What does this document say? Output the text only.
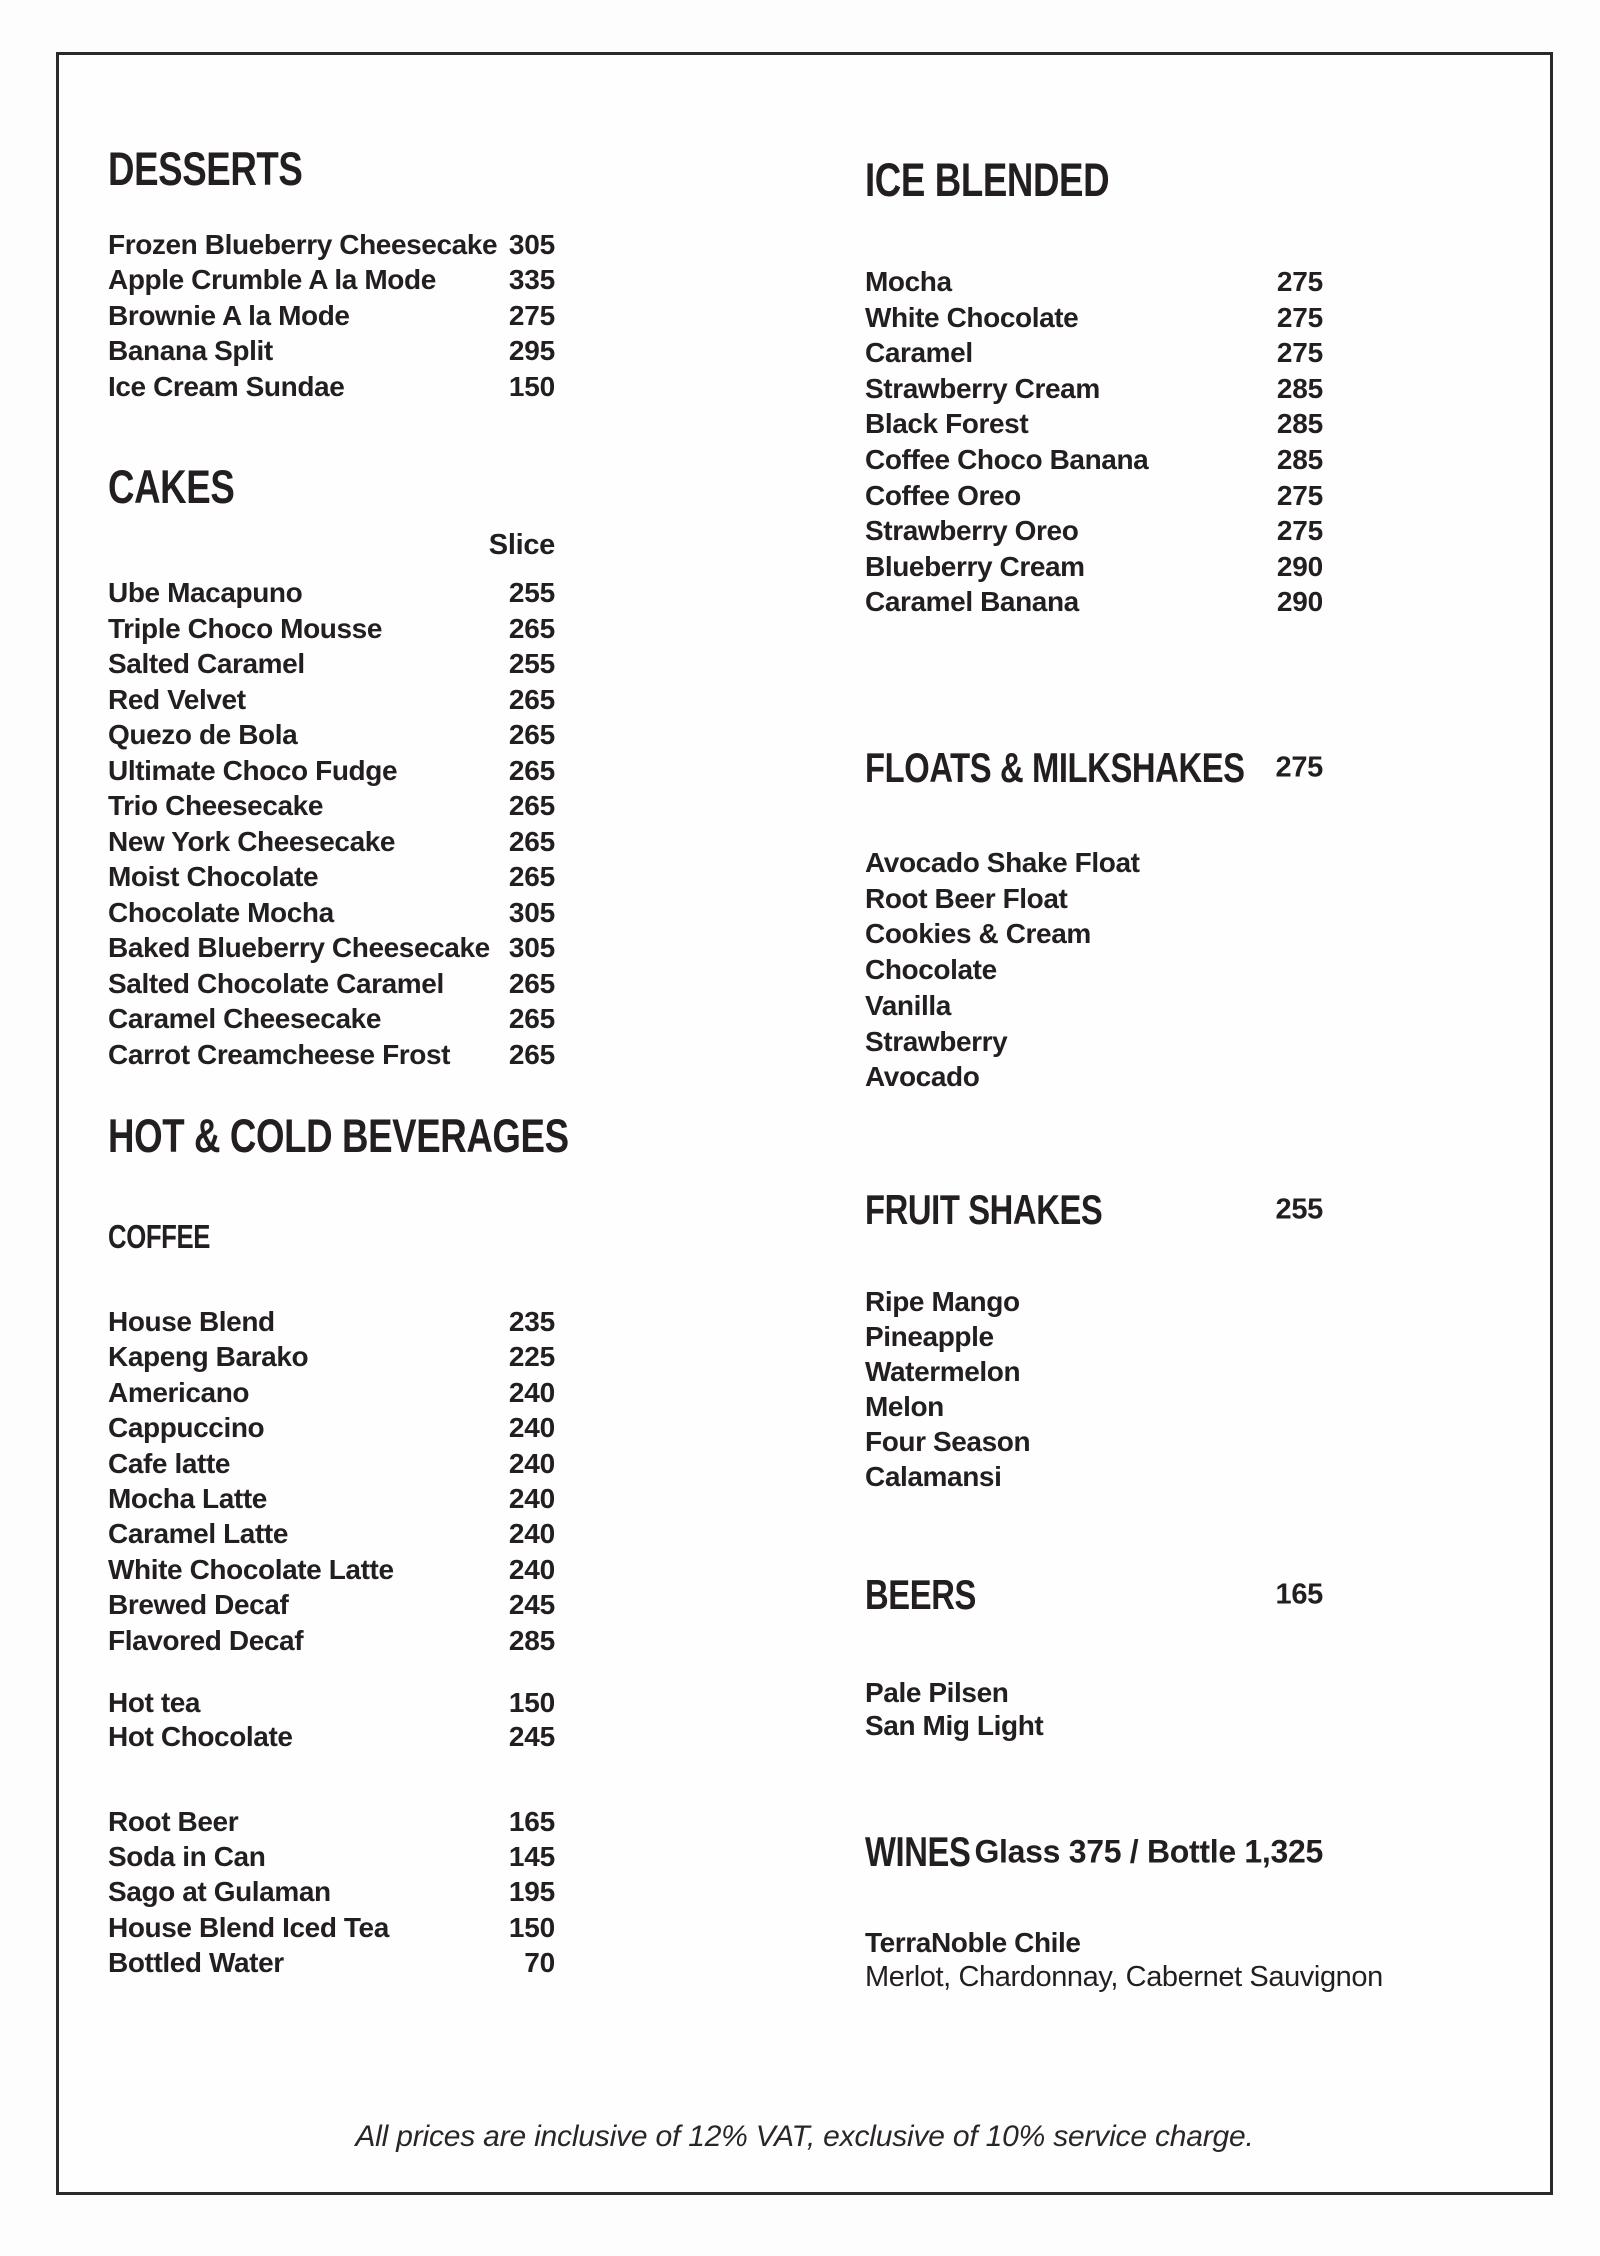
DESSERTS
Frozen Blueberry Cheesecake 305
Apple Crumble A la Mode	335
Brownie A la Mode	275
Banana Split	295
Ice Cream Sundae	150
CAKES
Slice
Ube Macapuno	255
Triple Choco Mousse	265
Salted Caramel	255
Red Velvet	265
Quezo de Bola	265
Ultimate Choco Fudge	265
Trio Cheesecake	265
New York Cheesecake	265
Moist Chocolate	265
Chocolate Mocha	305
Baked Blueberry Cheesecake 305
Salted Chocolate Caramel 265
Caramel Cheesecake	265
Carrot Creamcheese Frost 265
HOT & COLD BEVERAGES
COFFEE
House Blend	235
Kapeng Barako	225
Americano	240
Cappuccino	240
Cafe latte	240
Mocha Latte	240
Caramel Latte	240
White Chocolate Latte	240
Brewed Decaf	245
Flavored Decaf	285
Hot tea	150
Hot Chocolate	245
Root Beer	165
Soda in Can	145
Sago at Gulaman	195
House Blend Iced Tea	150
Bottled Water	70
ICE BLENDED
Mocha	275
White Chocolate	275
Caramel	275
Strawberry Cream	285
Black Forest	285
Coffee Choco Banana	285
Coffee Oreo	275
Strawberry Oreo	275
Blueberry Cream	290
Caramel Banana	290
FLOATS & MILKSHAKES 275
Avocado Shake Float
Root Beer Float
Cookies & Cream
Chocolate
Vanilla
Strawberry
Avocado
FRUIT SHAKES	255
Ripe Mango
Pineapple
Watermelon
Melon
Four Season
Calamansi
BEERS	165
Pale Pilsen
San Mig Light
WINES Glass 375 / Bottle 1,325
TerraNoble Chile
Merlot, Chardonnay, Cabernet Sauvignon
All prices are inclusive of 12% VAT, exclusive of 10% service charge.
